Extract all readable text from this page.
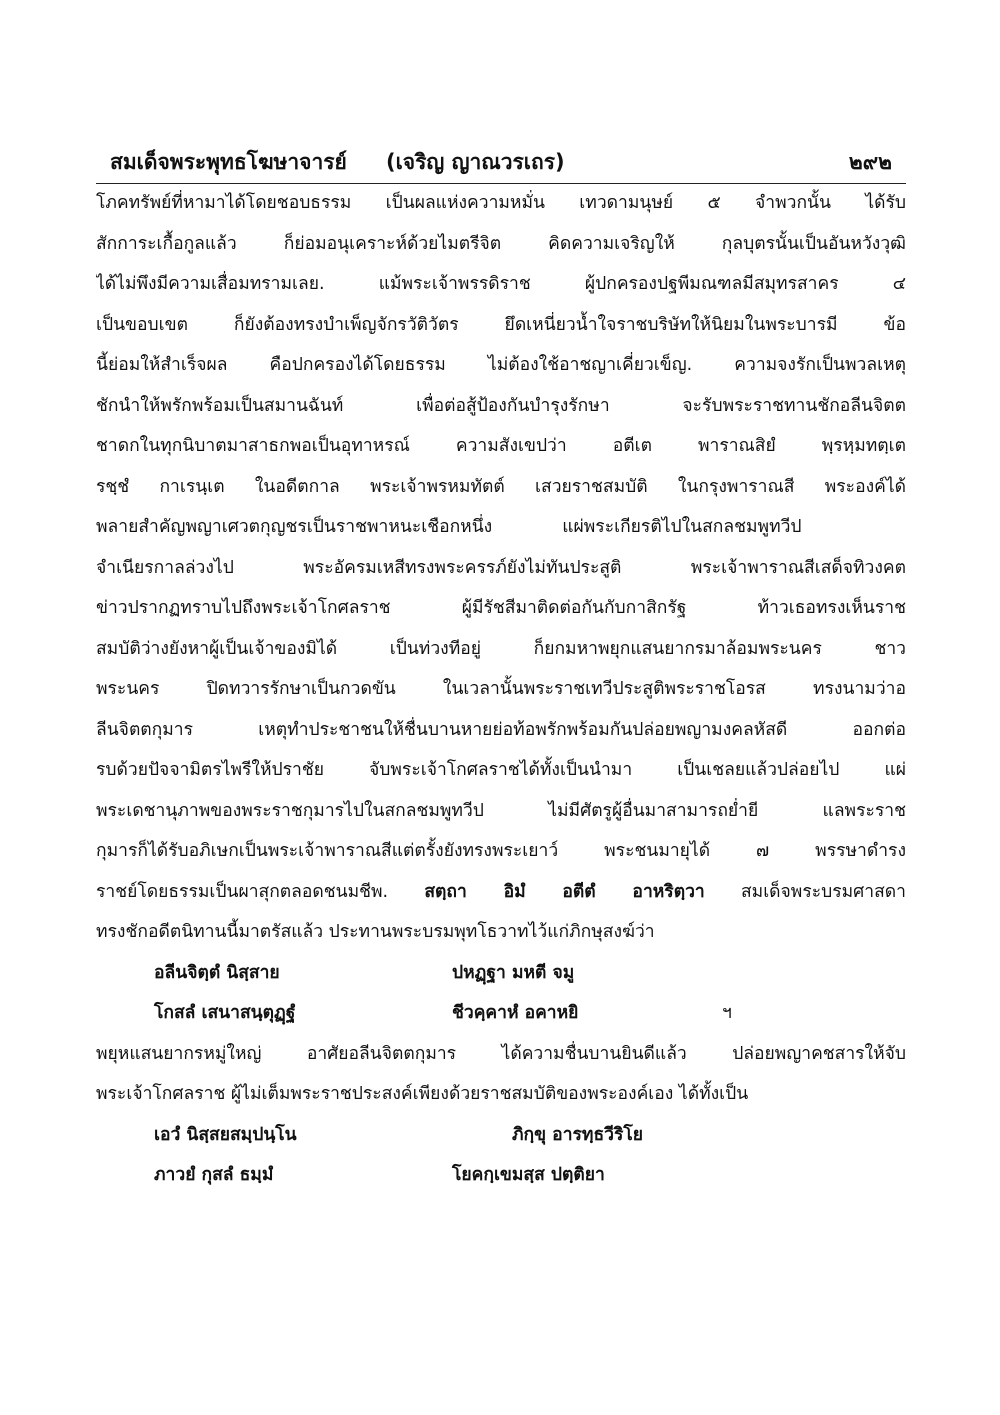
สมเด็จพระพุทธโฆษาจารย์ (เจริญ ญาณวรเถร)	๒๙๒
โภคทรัพย์ที่หามาได้โดยชอบธรรม เป็นผลแห่งความหมั่น เทวดามนุษย์ ๕ จำพวกนั้น ได้รับ
สักการะเกื้อกูลแล้ว ก็ย่อมอนุเคราะห์ด้วยไมตรีจิต คิดความเจริญให้ กุลบุตรนั้นเป็นอันหวังวุฒิ
ได้ไม่พึงมีความเสื่อมทรามเลย. แม้พระเจ้าพรรดิราช ผู้ปกครองปฐพีมณฑลมีสมุทรสาคร ๔
เป็นขอบเขต ก็ยังต้องทรงบำเพ็ญจักรวัติวัตร ยึดเหนี่ยวน้ำใจราชบริษัทให้นิยมในพระบารมี ข้อ
นี้ย่อมให้สำเร็จผล คือปกครองได้โดยธรรม ไม่ต้องใช้อาชญาเคี่ยวเข็ญ. ความจงรักเป็นพวลเหตุ
ชักนำให้พรักพร้อมเป็นสมานฉันท์ เพื่อต่อสู้ป้องกันบำรุงรักษา จะรับพระราชทานชักอลีนจิตต
ชาดกในทุกนิบาตมาสาธกพอเป็นอุทาหรณ์ ความสังเขปว่า อตีเต พาราณสิยํ พฺรหฺมทตฺเต
รชฺชํ กาเรนฺเต ในอดีตกาล พระเจ้าพรหมทัตต์ เสวยราชสมบัติ ในกรุงพาราณสี พระองค์ได้
พลายสำคัญพญาเศวตกุญชรเป็นราชพาหนะเชือกหนึ่ง	แผ่พระเกียรติไปในสกลชมพูทวีป
จำเนียรกาลล่วงไป พระอัครมเหสีทรงพระครรภ์ยังไม่ทันประสูติ พระเจ้าพาราณสีเสด็จทิวงคต
ข่าวปรากฏทราบไปถึงพระเจ้าโกศลราช ผู้มีรัชสีมาติดต่อกันกับกาสิกรัฐ ท้าวเธอทรงเห็นราช
สมบัติว่างยังหาผู้เป็นเจ้าของมิได้ เป็นท่วงทีอยู่ ก็ยกมหาพยุกแสนยากรมาล้อมพระนคร ชาว
พระนคร ปิดทวารรักษาเป็นกวดขัน ในเวลานั้นพระราชเทวีประสูติพระราชโอรส ทรงนามว่าอ
ลีนจิตตกุมาร เหตุทำประชาชนให้ชื่นบานหายย่อท้อพรักพร้อมกันปล่อยพญามงคลหัสดี ออกต่อ
รบด้วยปัจจามิตรไพรีให้ปราชัย จับพระเจ้าโกศลราชได้ทั้งเป็นนำมา เป็นเชลยแล้วปล่อยไป แผ่
พระเดชานุภาพของพระราชกุมารไปในสกลชมพูทวีป ไม่มีศัตรูผู้อื่นมาสามารถย่ำยี แลพระราช
กุมารก็ได้รับอภิเษกเป็นพระเจ้าพาราณสีแต่ตรั้งยังทรงพระเยาว์ พระชนมายุได้ ๗ พรรษาดำรง
ราชย์โดยธรรมเป็นผาสุกตลอดชนมชีพ. สตฺถา อิมํ อตีตํ อาหริตฺวา สมเด็จพระบรมศาสดา
ทรงชักอดีตนิทานนี้มาตรัสแล้ว ประทานพระบรมพุทโธวาทไว้แก่ภิกษุสงฆ์ว่า
อลีนจิตฺตํ นิสฺสาย	ปหฏฺฐา มหตี จมู
โกสลํ เสนาสนฺตุฏฺฐํ	ชีวคฺคาหํ อคาหยิ	ฯ
พยุหแสนยากรหมู่ใหญ่ อาศัยอลีนจิตตกุมาร ได้ความชื่นบานยินดีแล้ว ปล่อยพญาคชสารให้จับ
พระเจ้าโกศลราช ผู้ไม่เต็มพระราชประสงค์เพียงด้วยราชสมบัติของพระองค์เอง ได้ทั้งเป็น
เอวํ นิสฺสยสมฺปนฺโน	ภิกฺขุ อารทฺธวีริโย
ภาวยํ กุสลํ ธมฺมํ	โยคกฺเขมสฺส ปตฺติยา
